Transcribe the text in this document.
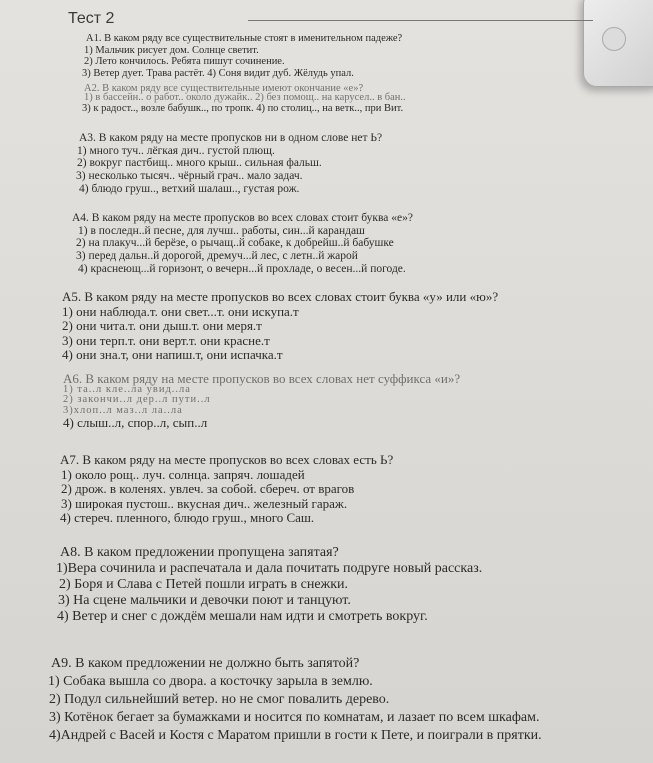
Тест 2
А1. В каком ряду все существительные стоят в именительном падеже?
1) Мальчик рисует дом. Солнце светит.
2) Лето кончилось. Ребята пишут сочинение.
3) Ветер дует. Трава растёт. 4) Соня видит дуб. Жёлудь упал.
А2. В каком ряду все существительные имеют окончание «е»?
1) в бассейн.. о работ.. около дужайк.. 2) без помощ.. на карусел.. в бан..
3) к радост.., возле бабушк.., по тропк. 4) по столиц.., на ветк.., при Вит.
А3. В каком ряду на месте пропусков ни в одном слове нет Ь?
1) много туч.. лёгкая дич.. густой плющ.
2) вокруг пастбищ.. много крыш.. сильная фальш.
3) несколько тысяч.. чёрный грач.. мало задач.
4) блюдо груш.., ветхий шалаш.., густая рож.
А4. В каком ряду на месте пропусков во всех словах стоит буква «е»?
1) в последн..й песне, для лучш.. работы, син...й карандаш
2) на плакуч...й берёзе, о рычащ..й собаке, к добрейш..й бабушке
3) перед дальн..й дорогой, дремуч...й лес, с летн..й жарой
4) краснеющ...й горизонт, о вечерн...й прохладе, о весен...й погоде.
А5. В каком ряду на месте пропусков во всех словах стоит буква «у» или «ю»?
1) они наблюда.т. они свет...т. они искупа.т
2) они чита.т. они дыш.т. они меря.т
3) они терп.т. они верт.т. они красне.т
4) они зна.т, они напиш.т, они испачка.т
А6. В каком ряду на месте пропусков во всех словах нет суффикса «и»?
1) та..л кле..ла увид..ла
2) закончи..л дер..л пути..л
3)хлоп..л маз..л ла..ла
4) слыш..л, спор..л, сып..л
А7. В каком ряду на месте пропусков во всех словах есть Ь?
1) около рощ.. луч. солнца. запряч. лошадей
2) дрож. в коленях. увлеч. за собой. сбереч. от врагов
3) широкая пустош.. вкусная дич.. железный гараж.
4) стереч. пленного, блюдо груш., много Саш.
А8. В каком предложении пропущена запятая?
1)Вера сочинила и распечатала и дала почитать подруге новый рассказ.
2) Боря и Слава с Петей пошли играть в снежки.
3) На сцене мальчики и девочки поют и танцуют.
4) Ветер и снег с дождём мешали нам идти и смотреть вокруг.
А9. В каком предложении не должно быть запятой?
1) Собака вышла со двора. а косточку зарыла в землю.
2) Подул сильнейший ветер. но не смог повалить дерево.
3) Котёнок бегает за бумажками и носится по комнатам, и лазает по всем шкафам.
4)Андрей с Васей и Костя с Маратом пришли в гости к Пете, и поиграли в прятки.
